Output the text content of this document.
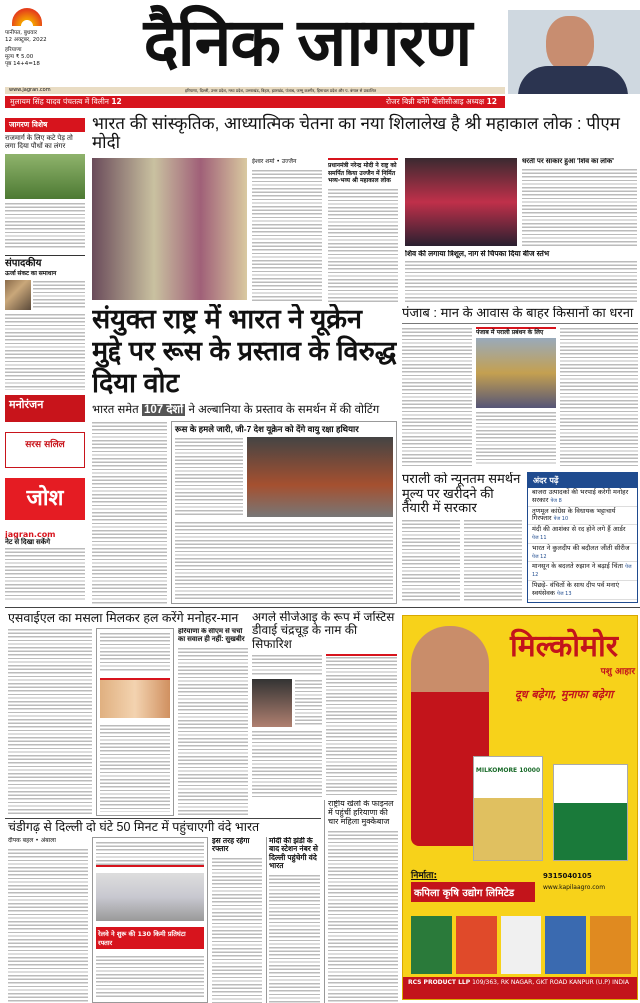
पानीपत, बुधवार
12 अक्टूबर, 2022
हरियाणा
मूल्य ₹ 5.00
पृष्ठ 14+4=18	दैनिक जागरण
www.jagran.com	हरियाणा, दिल्ली, उत्तर प्रदेश, मध्य प्रदेश, उत्तराखंड, बिहार, झारखंड, पंजाब, जम्मू कश्मीर, हिमाचल प्रदेश और प. बंगाल से प्रकाशित
मुलायम सिंह यादव पंचतत्व में विलीन 12	रोजर बिन्नी बनेंगे बीसीसीआइ अध्यक्ष 12
जागरण विशेष
राजमार्ग के लिए कटे पेड़ तो लगा दिया पौधों का लंगर
संपादकीय
ऊर्जा संकट का समाधान
मनोरंजन
सरस सलिल
जोश
jagran.com
नेट से दिखा सकेंगे
भारत की सांस्कृतिक, आध्यात्मिक चेतना का नया शिलालेख है श्री महाकाल लोक : पीएम मोदी
ईश्वर शर्मा • उज्जैन
प्रधानमंत्री नरेन्द्र मोदी ने राष्ट्र को समर्पित किया उज्जैन में निर्मित भव्य-भव्य श्री महाकाल लोक
धरती पर साकार हुआ 'शिव का लोक'
शिव की लगाया त्रिशूल, नाग से चिपका दिया बीज स्तंभ
संयुक्त राष्ट्र में भारत ने यूक्रेन मुद्दे पर रूस के प्रस्ताव के विरुद्ध दिया वोट
भारत समेत 107 देशों ने अल्बानिया के प्रस्ताव के समर्थन में की वोटिंग
रूस के हमले जारी, जी-7 देश यूक्रेन को देंगे वायु रक्षा हथियार
पंजाब : मान के आवास के बाहर किसानों का धरना
पंजाब में पराली प्रबंधन के लिए
पराली को न्यूनतम समर्थन मूल्य पर खरीदने की तैयारी में सरकार
अंदर पढ़ें
बाजरा उत्पादकों की भरपाई करेगी मनोहर सरकार पेज 8
तृणमूल कांग्रेस के विधायक भट्टाचार्य गिरफ्तार पेज 10
मंदी की आशंका से रद होने लगे हैं आर्डर पेज 11
भारत ने कुलदीप की बदौलत जीती सीरीज पेज 12
मानसून के बदलते रुझान ने बढ़ाई चिंता पेज 12
पिछड़े- वंचितों के साथ दीप पर्व मनाएं स्वयंसेवक पेज 13
एसवाईएल का मसला मिलकर हल करेंगे मनोहर-मान
हरियाणा के सीएम से चर्चा का सवाल ही नहीं: सुखबीर
अगले सीजेआइ के रूप में जस्टिस डीवाई चंद्रचूड़ के नाम की सिफारिश
राष्ट्रीय खेलों के फाइनल में पहुंचीं हरियाणा की चार महिला मुक्केबाज
चंडीगढ़ से दिल्ली दो घंटे 50 मिनट में पहुंचाएगी वंदे भारत
दीपक बहल • अंबाला
रेलवे ने शुरू की 130 किमी प्रतिघंटा रफ्तार
इस तरह रहेगा रफ्तार
मोदी की झंडी के बाद स्टेशन नंबर से दिल्ली पहुंचेगी वंदे भारत
मिल्कोमोर
पशु आहार
दूध बढ़ेगा, मुनाफा बढ़ेगा
MILKOMORE 10000
निर्माता:
कपिला कृषि उद्योग लिमिटेड
9315040105
www.kapilaagro.com
RCS PRODUCT LLP 109/363, RK NAGAR, GKT ROAD KANPUR (U.P) INDIA
